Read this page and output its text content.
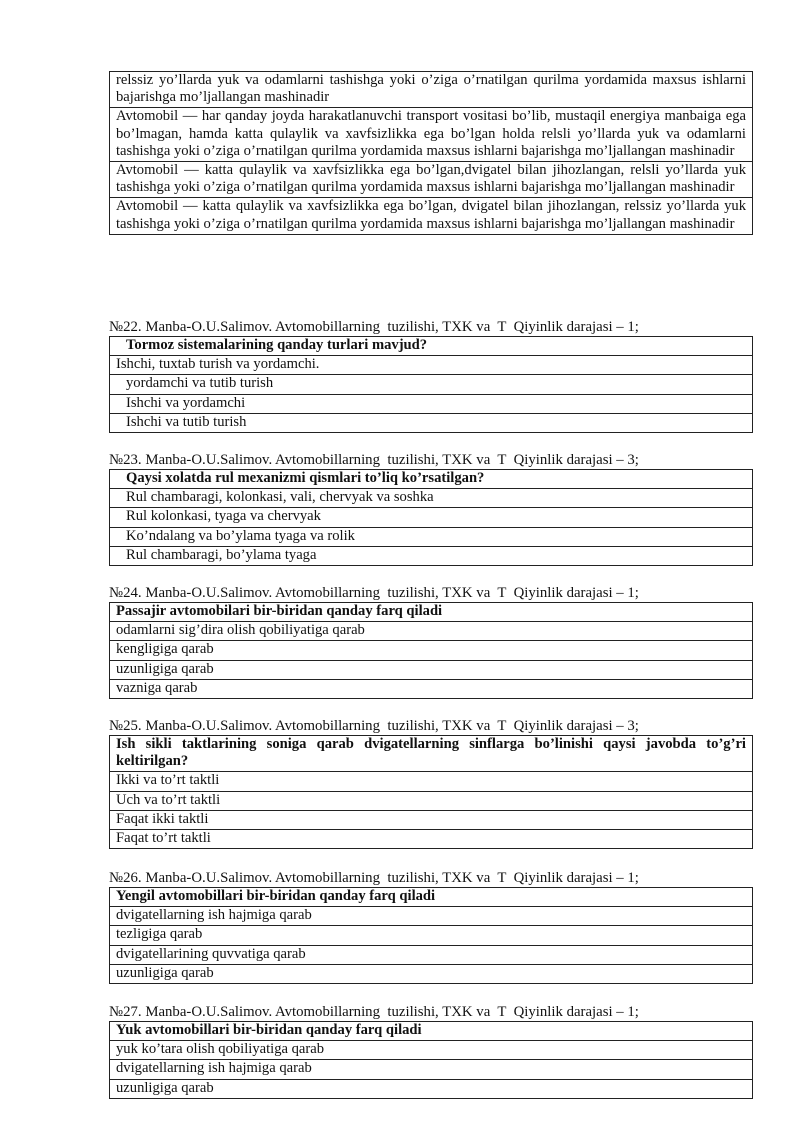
relssiz yo’llarda yuk va odamlarni tashishga yoki o’ziga o’rnatilgan qurilma yordamida maxsus ishlarni bajarishga mo’ljallangan mashinadir
Avtomobil — har qanday joyda harakatlanuvchi transport vositasi bo’lib, mustaqil energiya manbaiga ega bo’lmagan, hamda katta qulaylik va xavfsizlikka ega bo’lgan holda relsli yo’llarda yuk va odamlarni tashishga yoki o’ziga o’rnatilgan qurilma yordamida maxsus ishlarni bajarishga mo’ljallangan mashinadir
Avtomobil — katta qulaylik va xavfsizlikka ega bo’lgan,dvigatel bilan jihozlangan, relsli yo’llarda yuk tashishga yoki o’ziga o’rnatilgan qurilma yordamida maxsus ishlarni bajarishga mo’ljallangan mashinadir
Avtomobil — katta qulaylik va xavfsizlikka ega bo’lgan, dvigatel bilan jihozlangan, relssiz yo’llarda yuk tashishga yoki o’ziga o’rnatilgan qurilma yordamida maxsus ishlarni bajarishga mo’ljallangan mashinadir
№22. Manba-O.U.Salimov. Avtomobillarning  tuzilishi, TXK va  T  Qiyinlik darajasi – 1;
Tormoz sistemalarining qanday turlari mavjud?
Ishchi, tuxtab turish va yordamchi.
yordamchi va tutib turish
Ishchi va yordamchi
Ishchi va tutib turish
№23. Manba-O.U.Salimov. Avtomobillarning  tuzilishi, TXK va  T  Qiyinlik darajasi – 3;
Qaysi xolatda rul mexanizmi qismlari to’liq ko’rsatilgan?
Rul chambaragi, kolonkasi, vali, chervyak va soshka
Rul kolonkasi, tyaga va chervyak
Ko’ndalang va bo’ylama tyaga va rolik
Rul chambaragi, bo’ylama tyaga
№24. Manba-O.U.Salimov. Avtomobillarning  tuzilishi, TXK va  T  Qiyinlik darajasi – 1;
Passajir avtomobilari bir-biridan qanday farq qiladi
odamlarni sig’dira olish qobiliyatiga qarab
kengligiga qarab
uzunligiga qarab
vazniga qarab
№25. Manba-O.U.Salimov. Avtomobillarning  tuzilishi, TXK va  T  Qiyinlik darajasi – 3;
Ish sikli taktlarining soniga qarab dvigatellarning sinflarga bo’linishi qaysi javobda to’g’ri keltirilgan?
Ikki va to’rt taktli
Uch va to’rt taktli
Faqat ikki taktli
Faqat to’rt taktli
№26. Manba-O.U.Salimov. Avtomobillarning  tuzilishi, TXK va  T  Qiyinlik darajasi – 1;
Yengil avtomobillari bir-biridan qanday farq qiladi
dvigatellarning ish hajmiga qarab
tezligiga qarab
dvigatellarining quvvatiga qarab
uzunligiga qarab
№27. Manba-O.U.Salimov. Avtomobillarning  tuzilishi, TXK va  T  Qiyinlik darajasi – 1;
Yuk avtomobillari bir-biridan qanday farq qiladi
yuk ko’tara olish qobiliyatiga qarab
dvigatellarning ish hajmiga qarab
uzunligiga qarab
